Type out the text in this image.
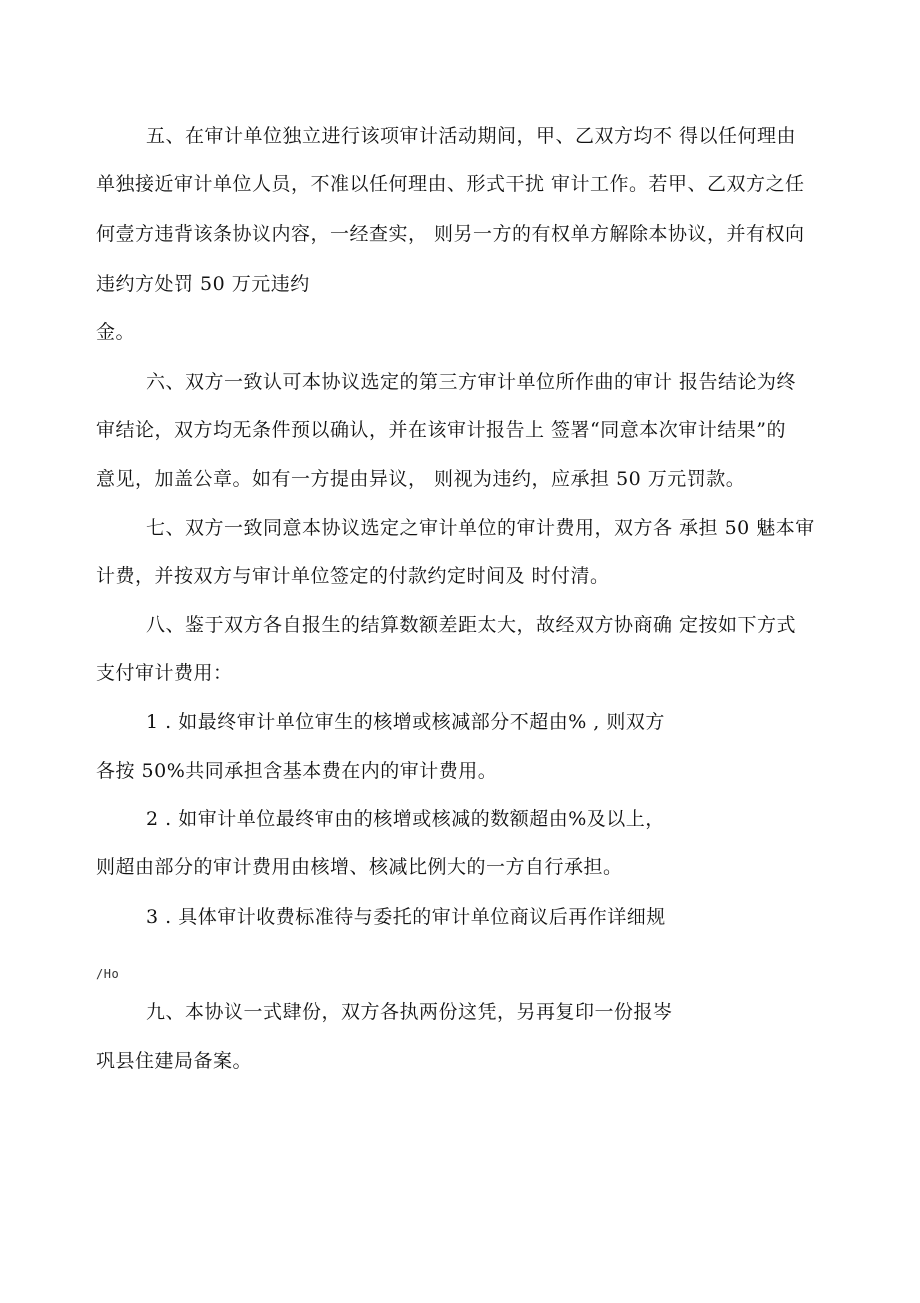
五、在审计单位独立进行该项审计活动期间，甲、乙双方均不 得以任何理由
单独接近审计单位人员，不准以任何理由、形式干扰 审计工作。若甲、乙双方之任
何壹方违背该条协议内容，一经查实， 则另一方的有权单方解除本协议，并有权向
违约方处罚 50 万元违约
金。
六、双方一致认可本协议选定的第三方审计单位所作曲的审计 报告结论为终
审结论，双方均无条件预以确认，并在该审计报告上 签署“同意本次审计结果”的
意见，加盖公章。如有一方提由异议， 则视为违约，应承担 50 万元罚款。
七、双方一致同意本协议选定之审计单位的审计费用，双方各 承担 50 魅本审
计费，并按双方与审计单位签定的付款约定时间及 时付清。
八、鉴于双方各自报生的结算数额差距太大，故经双方协商确 定按如下方式
支付审计费用：
1 . 如最终审计单位审生的核增或核减部分不超由% , 则双方
各按 50%共同承担含基本费在内的审计费用。
2 . 如审计单位最终审由的核增或核减的数额超由%及以上，
则超由部分的审计费用由核增、核减比例大的一方自行承担。
3 . 具体审计收费标准待与委托的审计单位商议后再作详细规
/Ho
九、本协议一式肆份，双方各执两份这凭，另再复印一份报岑
巩县住建局备案。
